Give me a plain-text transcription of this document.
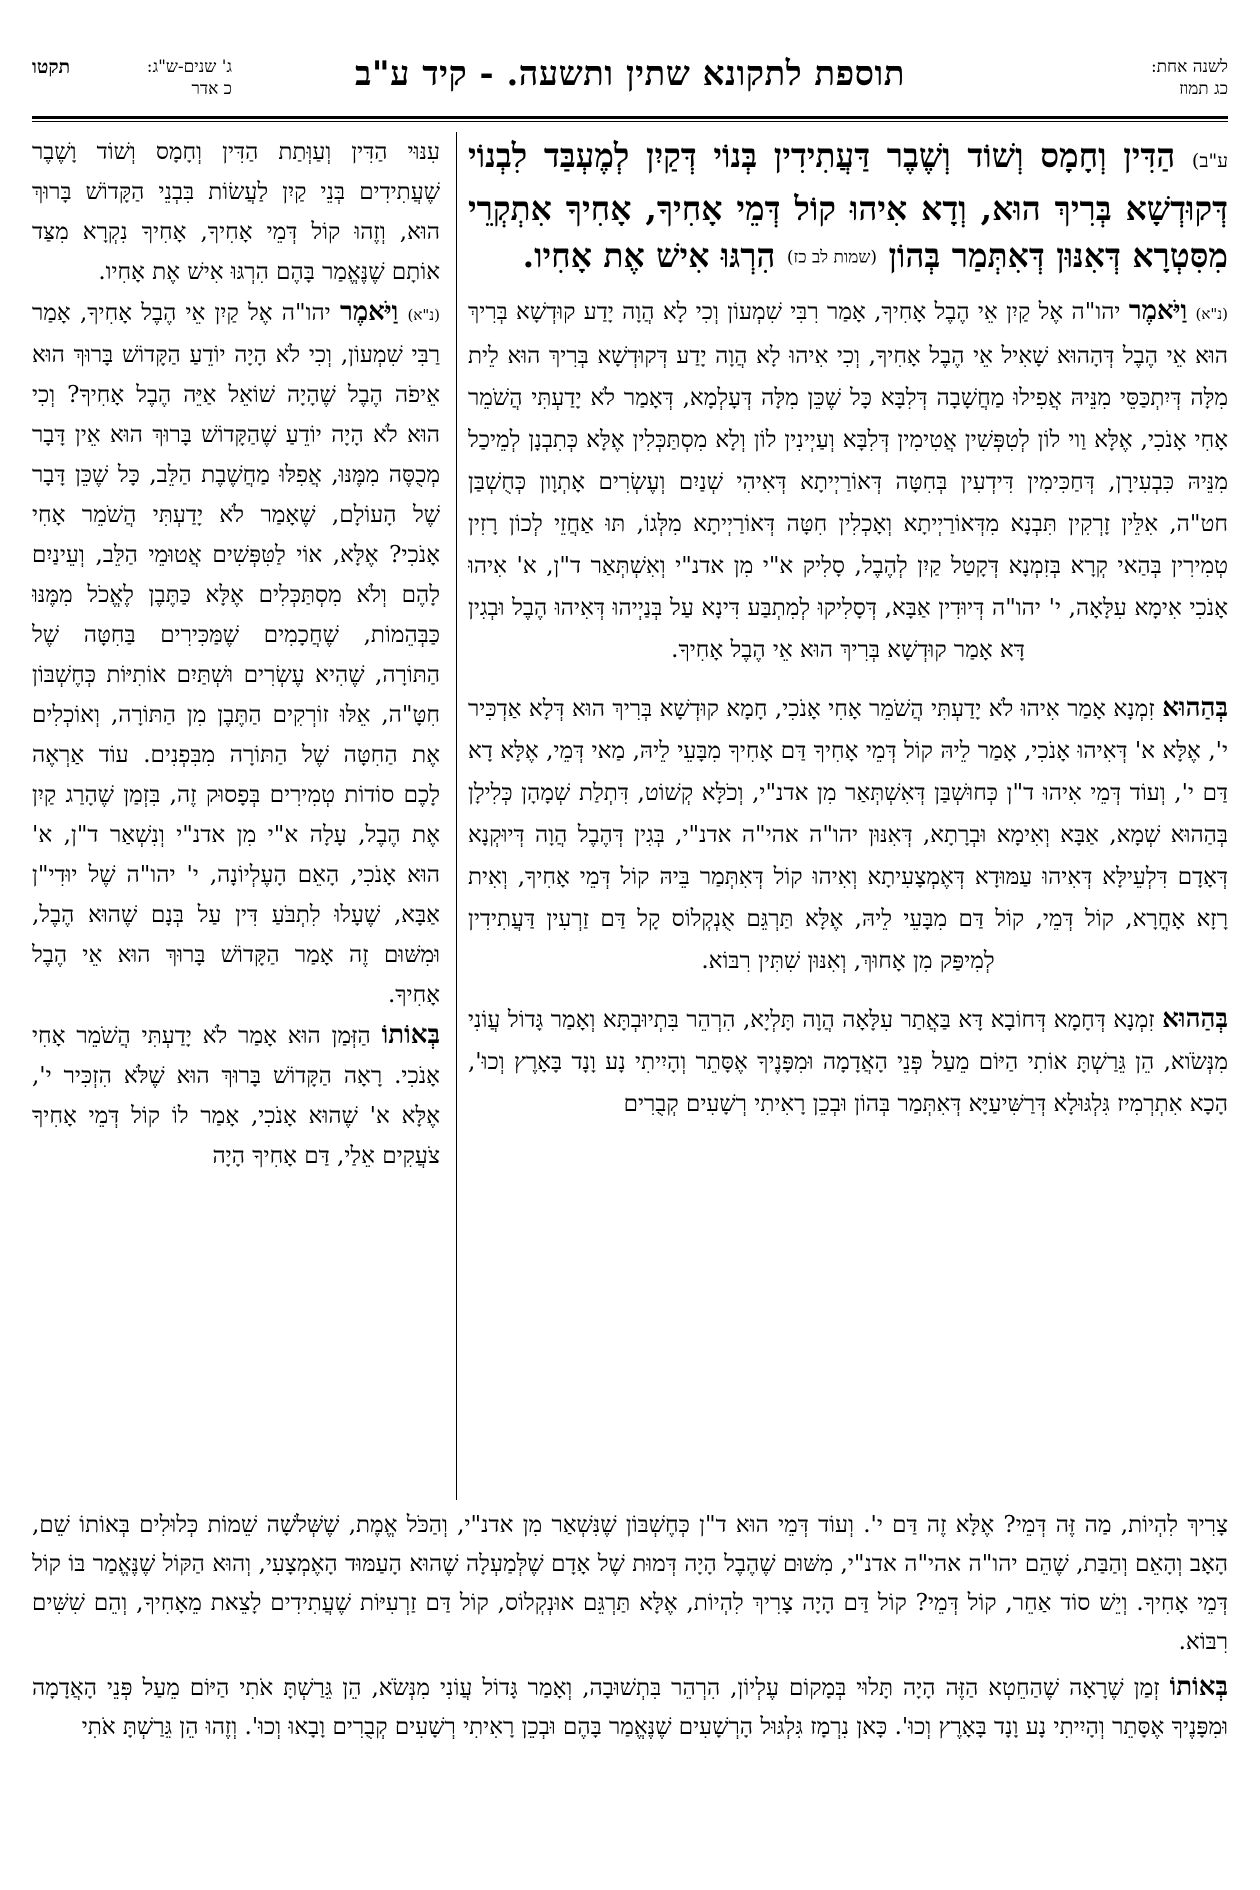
לשנה אחת:
כג תמוז
תוספת לתקונא שתין ותשעה. - קיד ע"ב
ג' שנים-ש"ג:
כ אדר
תקטו

ע"ב) הַדִּין וְחָמָס וְשׁוֹד וְשֶׁבֶר דַּעֲתִידִין בְּנוֹי דְּקַיִן לְמֶעְבַּד לִבְנוֹי דְּקוּדְשָׁא בְּרִיךְ הוּא, וְדָא אִיהוּ קוֹל דְּמֵי אָחִיךָ, אָחִיךָ אִתְקְרֵי מִסִּטְרָא דְּאִנּוּן דְּאִתְּמַר בְּהוֹן (שמות לב כז) הִרְגּוּ אִישׁ אֶת אָחִיו.

(נ"א) וַיֹּאמֶר יהו"ה אֶל קַיִן אֵי הֶבֶל אָחִיךָ, אָמַר רִבִּי שִׁמְעוֹן וְכִי לָא הֲוָה יָדַע קוּדְשָׁא בְּרִיךְ הוּא אֵי הֶבֶל דְּהָהוּא שָׁאִיל אֵי הֶבֶל אָחִיךָ, וְכִי אִיהוּ לָא הֲוָה יָדַע דְּקוּדְשָׁא בְּרִיךְ הוּא לֵית מִלָּה דְּיִתְכַּסֵּי מִנֵּיהּ אֲפִילוּ מַחֲשָׁבָה דְּלִבָּא כָּל שֶׁכֵּן מִלָּה דְּעָלְמָא, דְּאָמַר לֹא יָדַעְתִּי הֲשֹׁמֵר אָחִי אָנֹכִי, אֶלָּא וַוי לוֹן לְטִפְּשִׁין אֲטִימִין דְּלִבָּא וְעַיְינִין לוֹן וְלָא מִסְתַּכְּלִין אֶלָּא כְּתִבְנָן לְמֵיכַל מִנֵּיהּ כִּבְעִירָן, דְּחַכִּימִין דִּידְעִין בְּחִטָּה דְּאוֹרַיְיתָא דְּאִיהִי שְׁנַיִם וְעֶשְׂרִים אָתְוָון כְּחֻשְׁבַּן חט"ה, אִלֵּין זָרְקִין תִּבְנָא מִדְּאוֹרַיְיתָא וְאָכְלִין חִטָּה דְּאוֹרַיְיתָא מִלְּגוֹ, תּוּ אַחֲזֵי לְכוֹן רָזִין טְמִירִין בְּהַאי קְרָא בְּזִמְנָא דְּקָטַל קַיִן לְהֶבֶל, סָלִיק א"י מִן אדנ"י וְאִשְׁתְּאַר ד"ן, א' אִיהוּ אָנֹכִי אִימָא עִלָּאָה, י' יהו"ה דְּיוּדִין אַבָּא, דְּסָלִיקוּ לְמִתְבַּע דִּינָא עַל בְּנַיְיהוּ דְּאִיהוּ הֶבֶל וּבְגִין דָּא אָמַר קוּדְשָׁא בְּרִיךְ הוּא אֵי הֶבֶל אָחִיךָ.

בְּהַהוּא זִמְנָא אָמַר אִיהוּ לֹא יָדַעְתִּי הֲשֹׁמֵר אָחִי אָנֹכִי, חָמָא קוּדְשָׁא בְּרִיךְ הוּא דְּלָא אַדְכִּיר י', אֶלָּא א' דְּאִיהוּ אָנֹכִי, אָמַר לֵיהּ קוֹל דְּמֵי אָחִיךָ דַּם אָחִיךָ מִבָּעֵי לֵיהּ, מַאי דְּמֵי, אֶלָּא דָא דַּם י', וְעוֹד דְּמֵי אִיהוּ ד"ן כְּחוּשְׁבַּן דְּאִשְׁתְּאַר מִן אדנ"י, וְכֹלָּא קְשׁוֹט, דִּתְלַת שְׁמָהָן כְּלִילָן בְּהַהוּא שְׁמָא, אַבָּא וְאִימָא וּבְרָתָא, דְּאִנּוּן יהו"ה אהי"ה אדנ"י, בְּגִין דְּהֶבֶל הֲוָה דְּיוּקְנָא דְּאָדָם דִּלְעֵילָּא דְּאִיהוּ עַמּוּדָא דְּאֶמְצָעִיתָא וְאִיהוּ קוֹל דְּאִתְּמַר בֵּיהּ קוֹל דְּמֵי אָחִיךָ, וְאִית רָזָא אָחֳרָא, קוֹל דְּמֵי, קוֹל דַּם מִבָּעֵי לֵיהּ, אֶלָּא תַּרְגֵּם אֻנְקְלוֹס קָל דַּם זַרְעִין דַּעֲתִידִין לְמִיפַּק מִן אָחוּךְ, וְאִנּוּן שִׁתִּין רִבּוֹא.

בְּהַהוּא זִמְנָא דְּחָמָא דְּחוֹבָא דָּא בַּאֲתַר עִלָּאָה הֲוָה תָּלְיָא, הִרְהֵר בִּתְיוּבְתָּא וְאָמַר גָּדוֹל עֲוֹנִי מִנְּשֹׂוא, הֵן גֵּרַשְׁתָּ אוֹתִי הַיּוֹם מֵעַל פְּנֵי הָאֲדָמָה וּמִפָּנֶיךָ אֶסָּתֵר וְהָיִיתִי נָע וָנָד בָּאָרֶץ וְכוּ', הָכָא אִתְרְמִיז גִּלְגּוּלָא דְּרַשִּׁיעַיָּא דְּאִתְּמַר בְּהוֹן וּבְכֵן רָאִיתִי רְשָׁעִים קְבֻרִים

עִנּוּי הַדִּין וְעַוְּתַת הַדִּין וְחָמָס וְשׁוֹד וָשֶׁבֶר שֶׁעֲתִידִים בְּנֵי קַיִן לַעֲשׂוֹת בִּבְנֵי הַקָּדוֹשׁ בָּרוּךְ הוּא, וְזֶהוּ קוֹל דְּמֵי אָחִיךָ, אָחִיךָ נִקְרָא מִצַּד אוֹתָם שֶׁנֶּאֱמַר בָּהֶם הִרְגּוּ אִישׁ אֶת אָחִיו.

(נ"א) וַיֹּאמֶר יהו"ה אֶל קַיִן אֵי הֶבֶל אָחִיךָ, אָמַר רַבִּי שִׁמְעוֹן, וְכִי לֹא הָיָה יוֹדֵעַ הַקָּדוֹשׁ בָּרוּךְ הוּא אֵיפֹה הֶבֶל שֶׁהָיָה שׁוֹאֵל אַיֵּה הֶבֶל אָחִיךָ? וְכִי הוּא לֹא הָיָה יוֹדֵעַ שֶׁהַקָּדוֹשׁ בָּרוּךְ הוּא אֵין דָּבָר מְכֻסֶּה מִמֶּנּוּ, אֲפִלּוּ מַחֲשֶׁבֶת הַלֵּב, כָּל שֶׁכֵּן דָּבָר שֶׁל הָעוֹלָם, שֶׁאָמַר לֹא יָדַעְתִּי הֲשֹׁמֵר אָחִי אָנֹכִי? אֶלָּא, אוֹי לַטִּפְּשִׁים אֲטוּמֵי הַלֵּב, וְעֵינַיִם לָהֶם וְלֹא מִסְתַּכְּלִים אֶלָּא כַּתֶּבֶן לֶאֱכֹל מִמֶּנּוּ כַּבְּהֵמוֹת, שֶׁחֲכָמִים שֶׁמַּכִּירִים בַּחִטָּה שֶׁל הַתּוֹרָה, שֶׁהִיא עֶשְׂרִים וּשְׁתַּיִם אוֹתִיּוֹת כְּחֶשְׁבּוֹן חִטָּ"ה, אֵלּוּ זוֹרְקִים הַתֶּבֶן מִן הַתּוֹרָה, וְאוֹכְלִים אֶת הַחִטָּה שֶׁל הַתּוֹרָה מִבִּפְנִים. עוֹד אַרְאֶה לָכֶם סוֹדוֹת טְמִירִים בְּפָסוּק זֶה, בִּזְמַן שֶׁהָרַג קַיִן אֶת הֶבֶל, עָלָה א"י מִן אדנ"י וְנִשְׁאַר ד"ן, א' הוּא אָנֹכִי, הָאֵם הָעֶלְיוֹנָה, י' יהו"ה שֶׁל יוּדִי"ן אַבָּא, שֶׁעָלוּ לִתְבֹּעַ דִּין עַל בְּנָם שֶׁהוּא הֶבֶל, וּמִשּׁוּם זֶה אָמַר הַקָּדוֹשׁ בָּרוּךְ הוּא אֵי הֶבֶל אָחִיךָ.

בְּאוֹתוֹ הַזְּמַן הוּא אָמַר לֹא יָדַעְתִּי הֲשֹׁמֵר אָחִי אָנֹכִי. רָאָה הַקָּדוֹשׁ בָּרוּךְ הוּא שֶׁלֹּא הִזְכִּיר י', אֶלָּא א' שֶׁהוּא אָנֹכִי, אָמַר לוֹ קוֹל דְּמֵי אָחִיךָ צֹעֲקִים אֵלַי, דַּם אָחִיךָ הָיָה

צָרִיךְ לִהְיוֹת, מַה זֶּה דְּמֵי? אֶלָּא זֶה דַּם י'. וְעוֹד דְּמֵי הוּא ד"ן כְּחֶשְׁבּוֹן שֶׁנִּשְׁאַר מִן אדנ"י, וְהַכֹּל אֱמֶת, שֶׁשְּׁלֹשָׁה שֵׁמוֹת כְּלוּלִים בְּאוֹתוֹ שֵׁם, הָאָב וְהָאֵם וְהַבַּת, שֶׁהֵם יהו"ה אהי"ה אדנ"י, מִשּׁוּם שֶׁהֶבֶל הָיָה דְּמוּת שֶׁל אָדָם שֶׁלְּמַעְלָה שֶׁהוּא הָעַמּוּד הָאֶמְצָעִי, וְהוּא הַקּוֹל שֶׁנֶּאֱמַר בּוֹ קוֹל דְּמֵי אָחִיךָ. וְיֵשׁ סוֹד אַחֵר, קוֹל דְּמֵי? קוֹל דַּם הָיָה צָרִיךְ לִהְיוֹת, אֶלָּא תַּרְגֵּם אוּנְקְלוֹס, קוֹל דַּם זַרְעִיּוֹת שֶׁעֲתִידִים לָצֵאת מֵאָחִיךָ, וְהֵם שִׁשִּׁים רִבּוֹא.

בְּאוֹתוֹ זְמַן שֶׁרָאָה שֶׁהַחֵטְא הַזֶּה הָיָה תָּלוּי בְּמָקוֹם עֶלְיוֹן, הִרְהֵר בִּתְשׁוּבָה, וְאָמַר גָּדוֹל עֲוֹנִי מִנְּשֹׂא, הֵן גֵּרַשְׁתָּ אֹתִי הַיּוֹם מֵעַל פְּנֵי הָאֲדָמָה וּמִפָּנֶיךָ אֶסָּתֵר וְהָיִיתִי נָע וָנָד בָּאָרֶץ וְכוּ'. כָּאן נִרְמָז גִּלְגּוּל הָרְשָׁעִים שֶׁנֶּאֱמַר בָּהֶם וּבְכֵן רָאִיתִי רְשָׁעִים קְבֻרִים וָבָאוּ וְכוּ'. וְזֶהוּ הֵן גֵּרַשְׁתָּ אֹתִי
